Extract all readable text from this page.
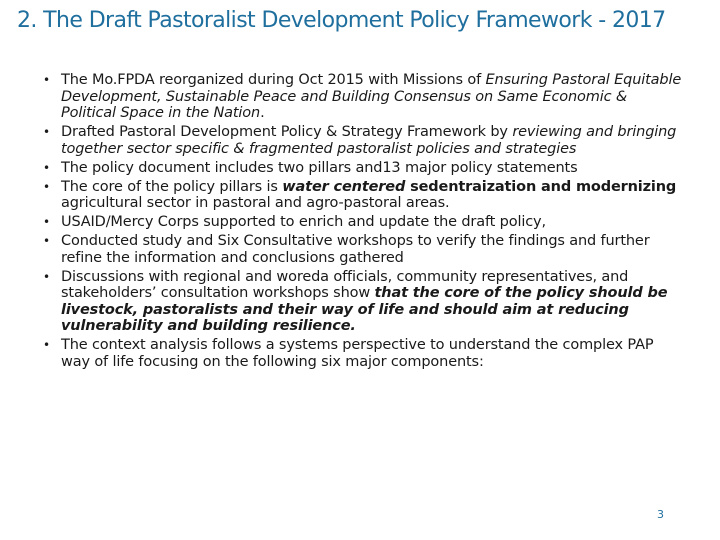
2. The Draft Pastoralist Development Policy Framework - 2017
• The Mo.FPDA reorganized during Oct 2015 with Missions of Ensuring Pastoral Equitable Development, Sustainable Peace and Building Consensus on Same Economic & Political Space in the Nation.
• Drafted Pastoral Development Policy & Strategy Framework by reviewing and bringing together sector specific & fragmented pastoralist policies and strategies
• The policy document includes two pillars and13 major policy statements
• The core of the policy pillars is water centered sedentraization and modernizing agricultural sector in pastoral and agro-pastoral areas.
• USAID/Mercy Corps supported to enrich and update the draft policy,
• Conducted study and Six Consultative workshops to verify the findings and further refine the information and conclusions gathered
• Discussions with regional and woreda officials, community representatives, and stakeholders’ consultation workshops show that the core of the policy should be livestock, pastoralists and their way of life and should aim at reducing vulnerability and building resilience.
• The context analysis follows a systems perspective to understand the complex PAP way of life focusing on the following six major components:
3
